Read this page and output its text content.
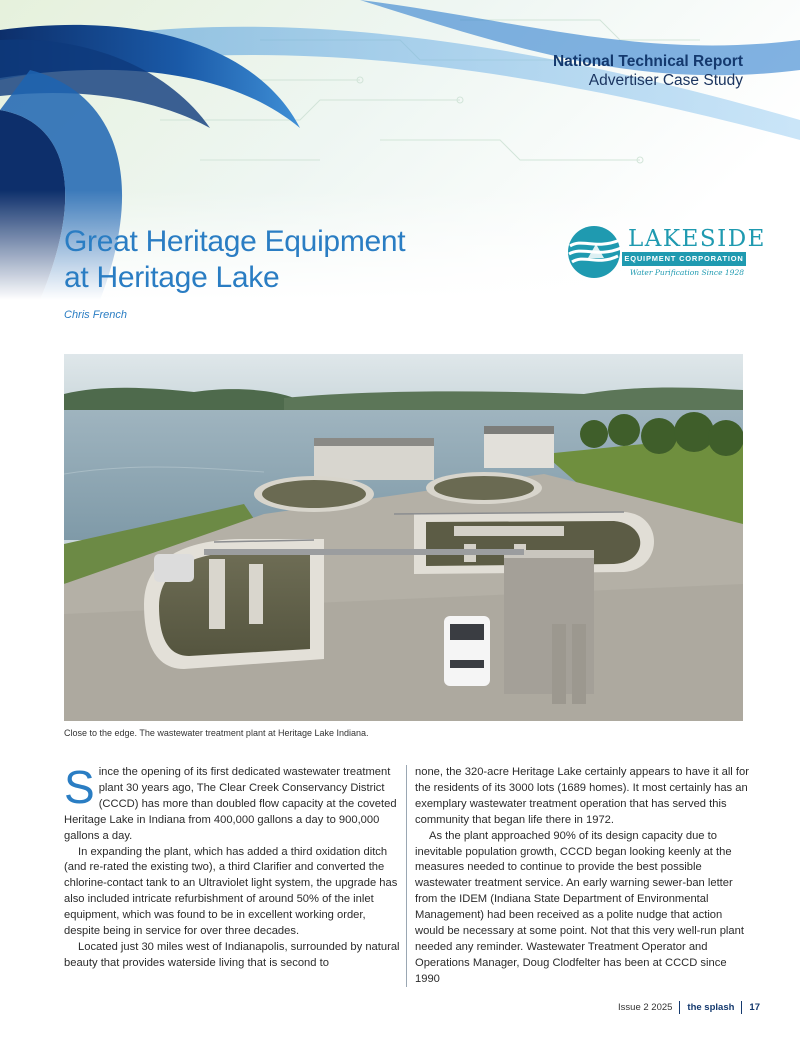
National Technical Report
Advertiser Case Study
Great Heritage Equipment
at Heritage Lake
Chris French
LAKESIDE
EQUIPMENT CORPORATION
Water Purification Since 1928
Close to the edge. The wastewater treatment plant at Heritage Lake Indiana.

Since the opening of its first dedicated wastewater treatment plant 30 years ago, The Clear Creek Conservancy District (CCCD) has more than doubled flow capacity at the coveted Heritage Lake in Indiana from 400,000 gallons a day to 900,000 gallons a day.

In expanding the plant, which has added a third oxidation ditch (and re-rated the existing two), a third Clarifier and converted the chlorine-contact tank to an Ultraviolet light system, the upgrade has also included intricate refurbishment of around 50% of the inlet equipment, which was found to be in excellent working order, despite being in service for over three decades.

Located just 30 miles west of Indianapolis, surrounded by natural beauty that provides waterside living that is second to

none, the 320-acre Heritage Lake certainly appears to have it all for the residents of its 3000 lots (1689 homes). It most certainly has an exemplary wastewater treatment operation that has served this community that began life there in 1972.

As the plant approached 90% of its design capacity due to inevitable population growth, CCCD began looking keenly at the measures needed to continue to provide the best possible wastewater treatment service. An early warning sewer-ban letter from the IDEM (Indiana State Department of Environmental Management) had been received as a polite nudge that action would be necessary at some point. Not that this very well-run plant needed any reminder. Wastewater Treatment Operator and Operations Manager, Doug Clodfelter has been at CCCD since 1990

Issue 2 2025 the splash 17
